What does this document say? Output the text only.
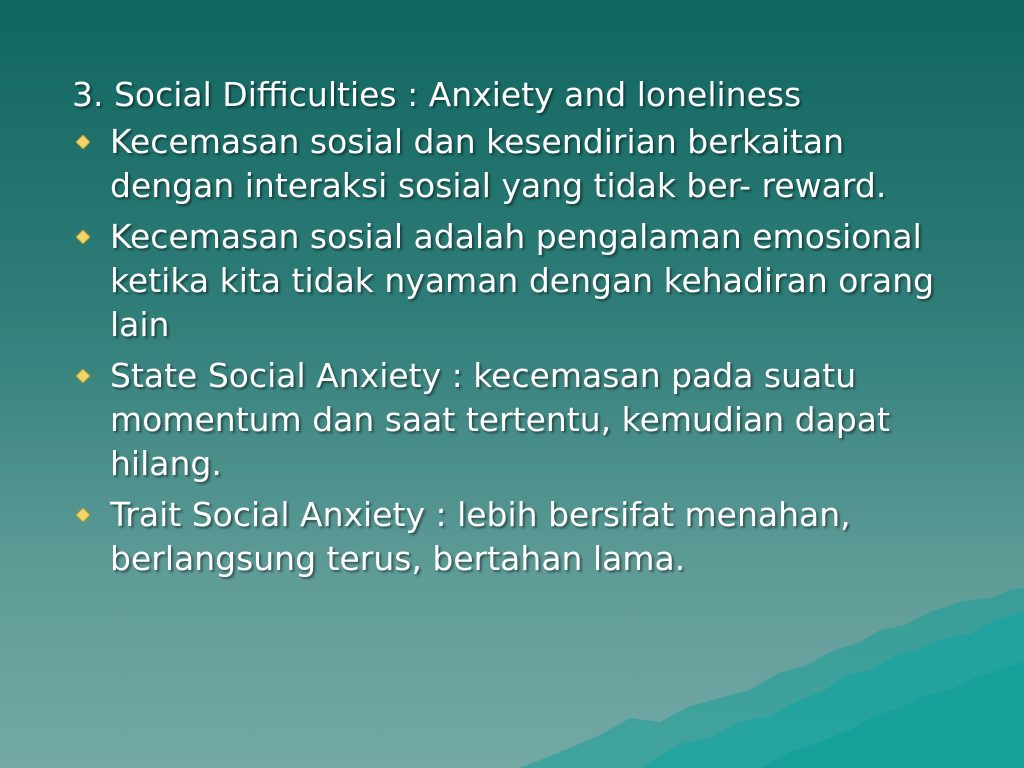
3. Social Difficulties : Anxiety and loneliness
Kecemasan sosial dan kesendirian berkaitan dengan interaksi sosial yang tidak ber- reward.
Kecemasan sosial adalah pengalaman emosional ketika kita tidak nyaman dengan kehadiran orang lain
State Social Anxiety : kecemasan pada suatu momentum dan saat tertentu, kemudian dapat hilang.
Trait Social Anxiety : lebih bersifat menahan, berlangsung terus, bertahan lama.
